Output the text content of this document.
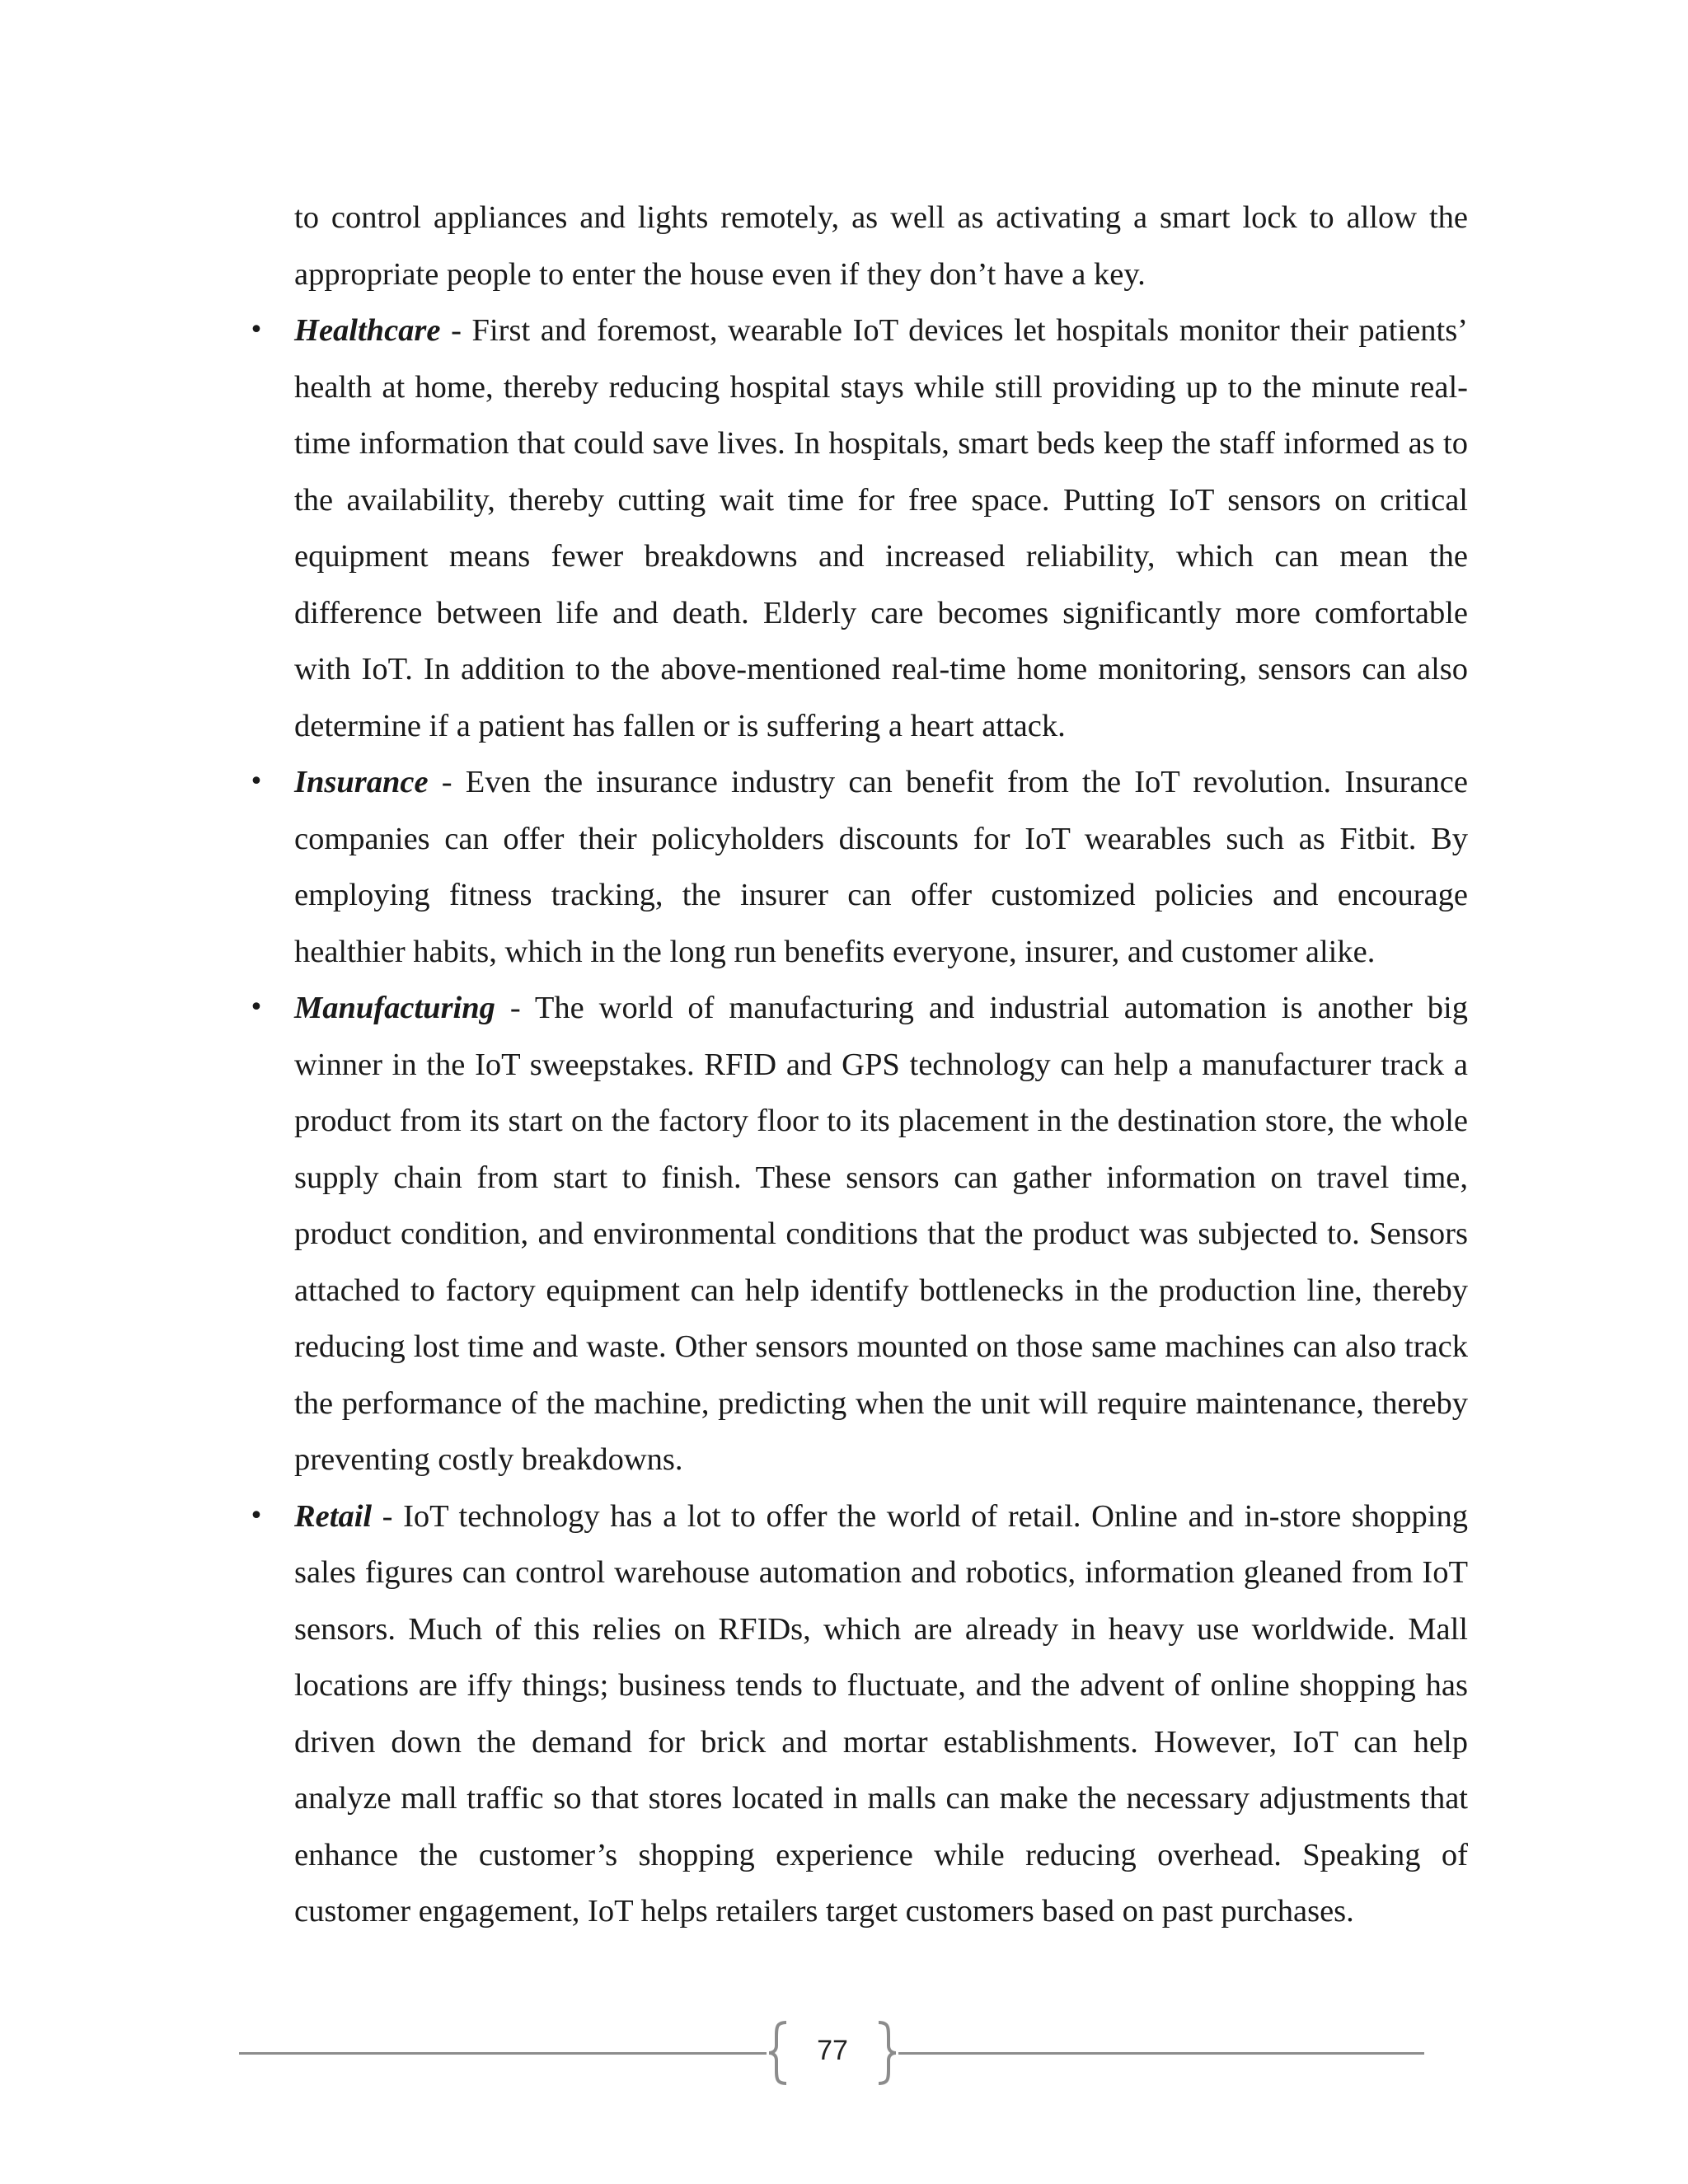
to control appliances and lights remotely, as well as activating a smart lock to allow the appropriate people to enter the house even if they don’t have a key.

• Healthcare - First and foremost, wearable IoT devices let hospitals monitor their patients’ health at home, thereby reducing hospital stays while still providing up to the minute real-time information that could save lives. In hospitals, smart beds keep the staff informed as to the availability, thereby cutting wait time for free space. Putting IoT sensors on critical equipment means fewer breakdowns and increased reliability, which can mean the difference between life and death. Elderly care becomes significantly more comfortable with IoT. In addition to the above-mentioned real-time home monitoring, sensors can also determine if a patient has fallen or is suffering a heart attack.
• Insurance - Even the insurance industry can benefit from the IoT revolution. Insurance companies can offer their policyholders discounts for IoT wearables such as Fitbit. By employing fitness tracking, the insurer can offer customized policies and encourage healthier habits, which in the long run benefits everyone, insurer, and customer alike.
• Manufacturing - The world of manufacturing and industrial automation is another big winner in the IoT sweepstakes. RFID and GPS technology can help a manufacturer track a product from its start on the factory floor to its placement in the destination store, the whole supply chain from start to finish. These sensors can gather information on travel time, product condition, and environmental conditions that the product was subjected to. Sensors attached to factory equipment can help identify bottlenecks in the production line, thereby reducing lost time and waste. Other sensors mounted on those same machines can also track the performance of the machine, predicting when the unit will require maintenance, thereby preventing costly breakdowns.
• Retail - IoT technology has a lot to offer the world of retail. Online and in-store shopping sales figures can control warehouse automation and robotics, information gleaned from IoT sensors. Much of this relies on RFIDs, which are already in heavy use worldwide. Mall locations are iffy things; business tends to fluctuate, and the advent of online shopping has driven down the demand for brick and mortar establishments. However, IoT can help analyze mall traffic so that stores located in malls can make the necessary adjustments that enhance the customer’s shopping experience while reducing overhead. Speaking of customer engagement, IoT helps retailers target customers based on past purchases.
77
